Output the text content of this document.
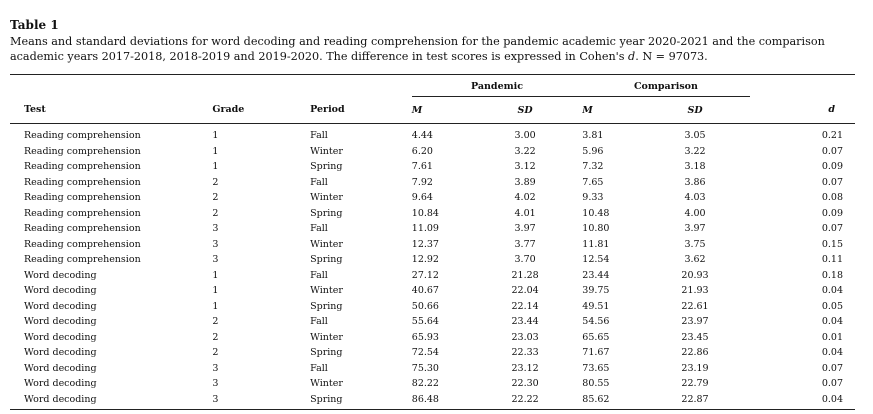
Table 1

Means and standard deviations for word decoding and reading comprehension for the pandemic academic year 2020-2021 and the comparison academic years 2017-2018, 2018-2019 and 2019-2020. The difference in test scores is expressed in Cohen's d. N = 97073.

			Pandemic		Comparison		
Test	Grade	Period	M	SD	M	SD	d
Reading comprehension	1	Fall	4.44	3.00	3.81	3.05	0.21
Reading comprehension	1	Winter	6.20	3.22	5.96	3.22	0.07
Reading comprehension	1	Spring	7.61	3.12	7.32	3.18	0.09
Reading comprehension	2	Fall	7.92	3.89	7.65	3.86	0.07
Reading comprehension	2	Winter	9.64	4.02	9.33	4.03	0.08
Reading comprehension	2	Spring	10.84	4.01	10.48	4.00	0.09
Reading comprehension	3	Fall	11.09	3.97	10.80	3.97	0.07
Reading comprehension	3	Winter	12.37	3.77	11.81	3.75	0.15
Reading comprehension	3	Spring	12.92	3.70	12.54	3.62	0.11
Word decoding	1	Fall	27.12	21.28	23.44	20.93	0.18
Word decoding	1	Winter	40.67	22.04	39.75	21.93	0.04
Word decoding	1	Spring	50.66	22.14	49.51	22.61	0.05
Word decoding	2	Fall	55.64	23.44	54.56	23.97	0.04
Word decoding	2	Winter	65.93	23.03	65.65	23.45	0.01
Word decoding	2	Spring	72.54	22.33	71.67	22.86	0.04
Word decoding	3	Fall	75.30	23.12	73.65	23.19	0.07
Word decoding	3	Winter	82.22	22.30	80.55	22.79	0.07
Word decoding	3	Spring	86.48	22.22	85.62	22.87	0.04
